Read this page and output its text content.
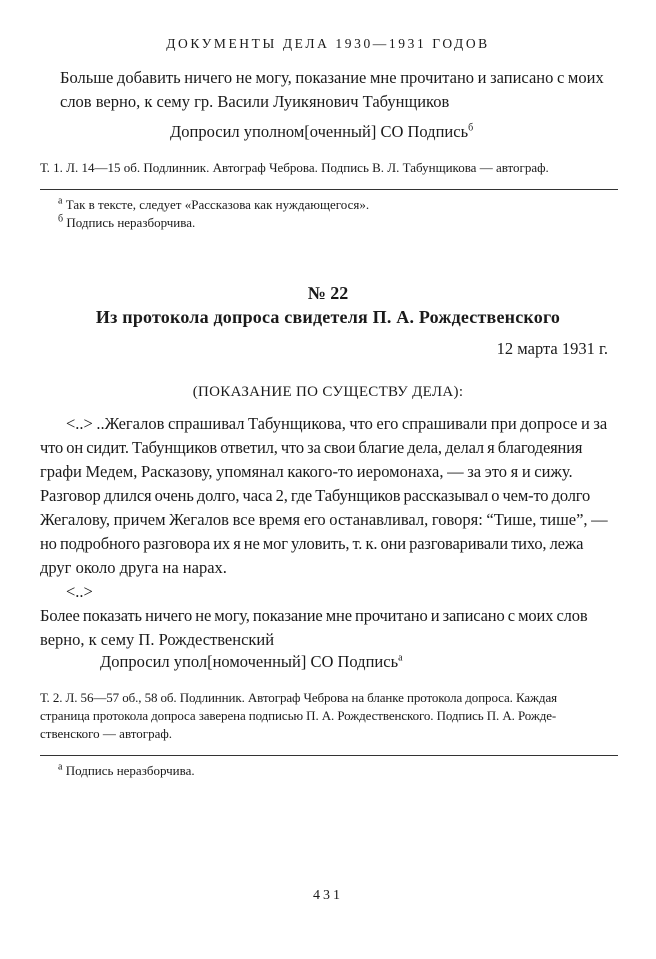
ДОКУМЕНТЫ ДЕЛА 1930—1931 ГОДОВ
Больше добавить ничего не могу, показание мне прочитано и записано с моих
слов верно, к сему гр. Васили Луикянович Табунщиков
Допросил уполном[оченный] СО Подпись$^б$
Т. 1. Л. 14—15 об. Подлинник. Автограф Чеброва. Подпись В. Л. Табунщикова — автограф.
$^а$ Так в тексте, следует «Рассказова как нуждающегося».
$^б$ Подпись неразборчива.
№ 22
Из протокола допроса свидетеля П. А. Рождественского
12 марта 1931 г.
(ПОКАЗАНИЕ ПО СУЩЕСТВУ ДЕЛА):
<..> ..Жегалов спрашивал Табунщикова, что его спрашивали при допросе и за
что он сидит. Табунщиков ответил, что за свои благие дела, делал я благодеяния
графи Медем, Расказову, упомянал какого-то иеромонаха, — за это я и сижу.
Разговор длился очень долго, часа 2, где Табунщиков рассказывал о чем-то долго
Жегалову, причем Жегалов все время его останавливал, говоря: “Тише, тише”, —
но подробного разговора их я не мог уловить, т. к. они разговаривали тихо, лежа
друг около друга на нарах.
<..>
Более показать ничего не могу, показание мне прочитано и записано с моих слов
верно, к сему П. Рождественский
Допросил упол[номоченный] СО Подпись$^а$
Т. 2. Л. 56—57 об., 58 об. Подлинник. Автограф Чеброва на бланке протокола допроса. Каждая
страница протокола допроса заверена подписью П. А. Рождественского. Подпись П. А. Рожде-
ственского — автограф.
$^а$ Подпись неразборчива.
431
